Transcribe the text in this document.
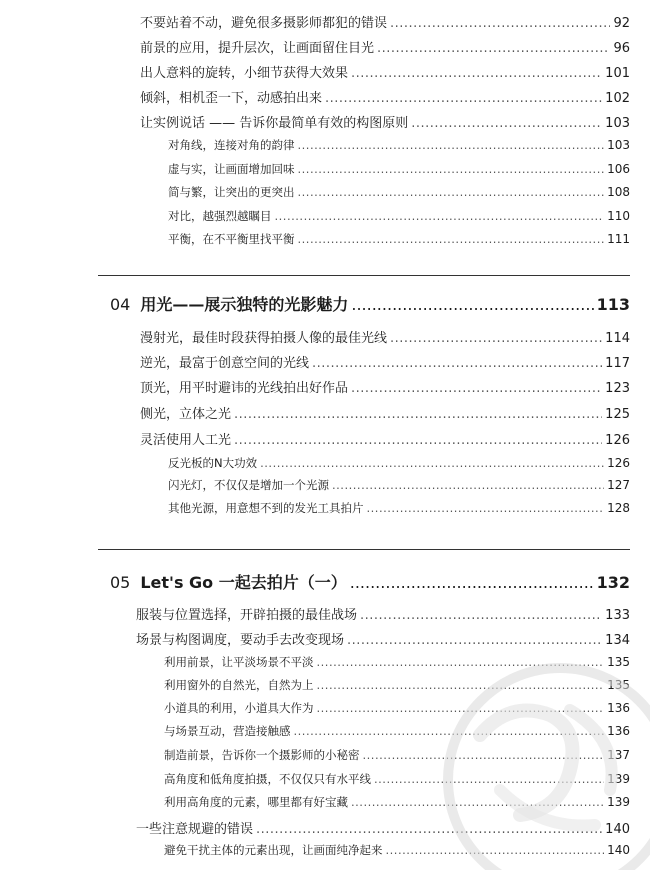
不要站着不动，避免很多摄影师都犯的错误 .....	92
前景的应用，提升层次，让画面留住目光 .....	96
出人意料的旋转，小细节获得大效果 .....	101
倾斜，相机歪一下，动感拍出来 .....	102
让实例说话 —— 告诉你最简单有效的构图原则 .....	103
对角线，连接对角的韵律 .....	103
虚与实，让画面增加回味 .....	106
简与繁，让突出的更突出 .....	108
对比，越强烈越瞩目 .....	110
平衡，在不平衡里找平衡 .....	111
04 用光——展示独特的光影魅力 .....	113
漫射光，最佳时段获得拍摄人像的最佳光线 .....	114
逆光，最富于创意空间的光线 .....	117
顶光，用平时避讳的光线拍出好作品 .....	123
侧光，立体之光 .....	125
灵活使用人工光 .....	126
反光板的N大功效 .....	126
闪光灯，不仅仅是增加一个光源 .....	127
其他光源，用意想不到的发光工具拍片 .....	128
05 Let's Go 一起去拍片（一） .....	132
服装与位置选择，开辟拍摄的最佳战场 .....	133
场景与构图调度，要动手去改变现场 .....	134
利用前景，让平淡场景不平淡 .....	135
利用窗外的自然光，自然为上 .....	135
小道具的利用，小道具大作为 .....	136
与场景互动，营造接触感 .....	136
制造前景，告诉你一个摄影师的小秘密 .....	137
高角度和低角度拍摄，不仅仅只有水平线 .....	139
利用高角度的元素，哪里都有好宝藏 .....	139
一些注意规避的错误 .....	140
避免干扰主体的元素出现，让画面纯净起来 .....	140
